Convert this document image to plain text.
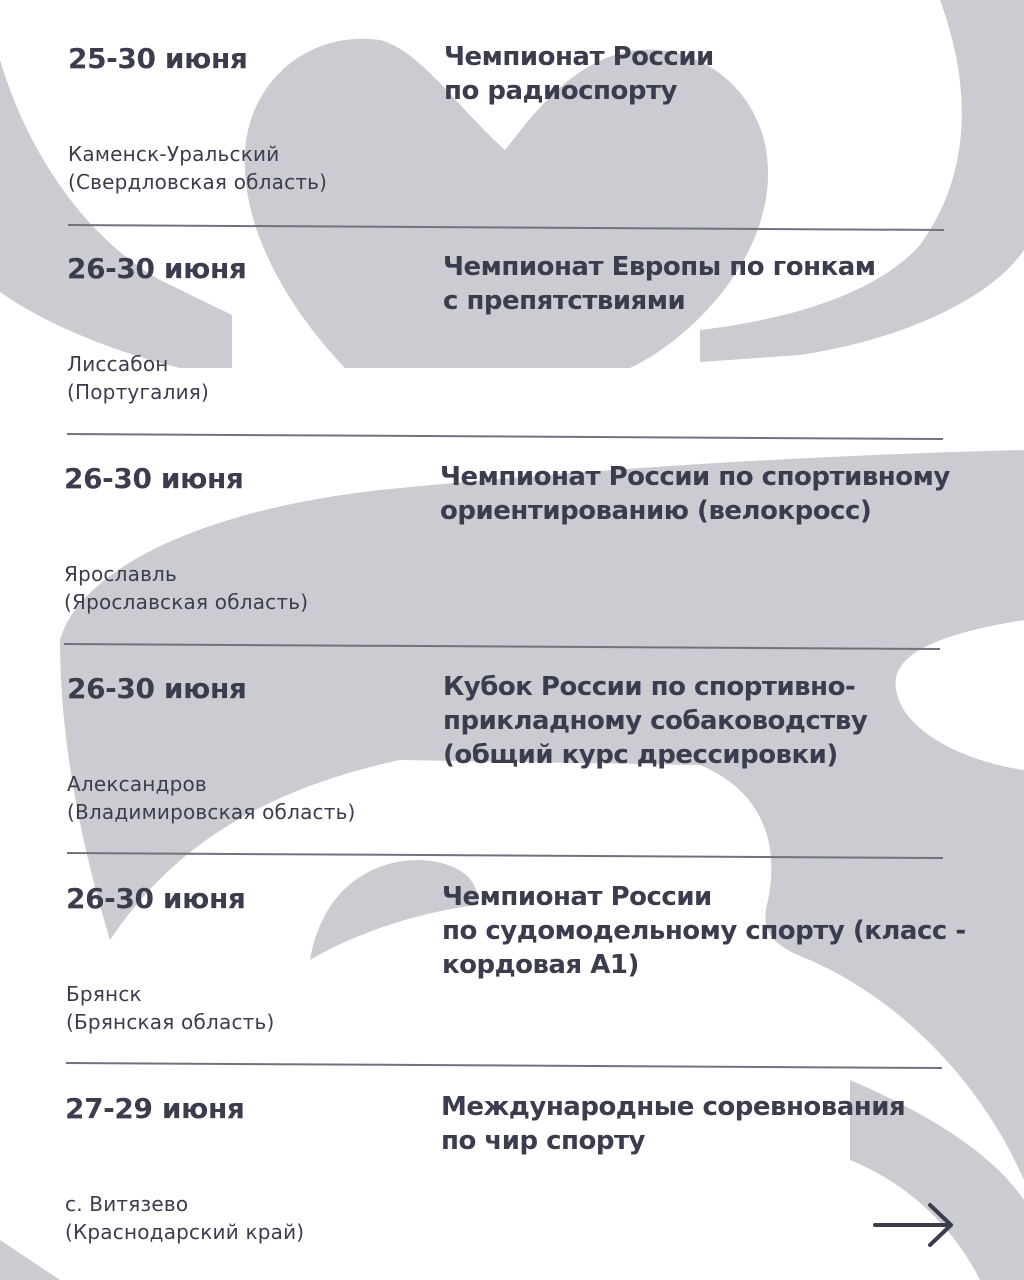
25-30 июня	Чемпионат России
по радиоспорту
Каменск-Уральский
(Свердловская область)
26-30 июня	Чемпионат Европы по гонкам
с препятствиями
Лиссабон
(Португалия)
26-30 июня	Чемпионат России по спортивному
ориентированию (велокросс)
Ярославль
(Ярославская область)
26-30 июня	Кубок России по спортивно-
прикладному собаководству
(общий курс дрессировки)
Александров
(Владимировская область)
26-30 июня	Чемпионат России
по судомодельному спорту (класс -
кордовая А1)
Брянск
(Брянская область)
27-29 июня	Международные соревнования
по чир спорту
с. Витязево
(Краснодарский край)
